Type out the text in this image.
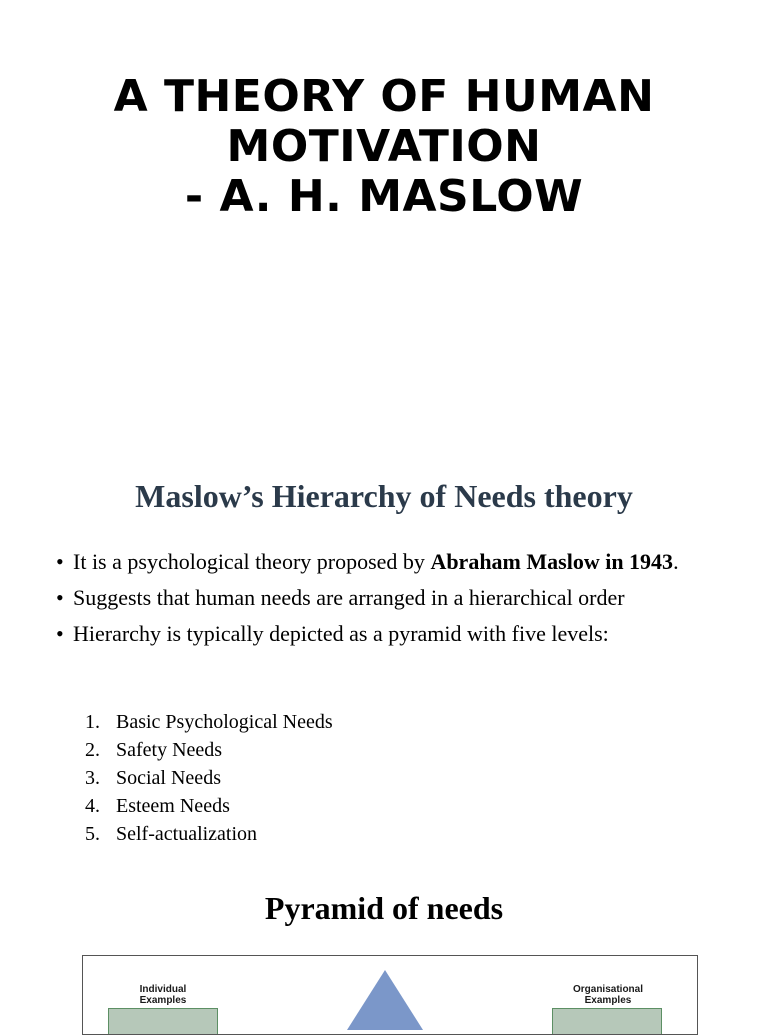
A THEORY OF HUMAN
MOTIVATION
- A. H. MASLOW
Maslow’s Hierarchy of Needs theory
• It is a psychological theory proposed by Abraham Maslow in 1943.
• Suggests that human needs are arranged in a hierarchical order
• Hierarchy is typically depicted as a pyramid with five levels:
1. Basic Psychological Needs
2. Safety Needs
3. Social Needs
4. Esteem Needs
5. Self-actualization
Pyramid of needs
Individual
Examples
Organisational
Examples
